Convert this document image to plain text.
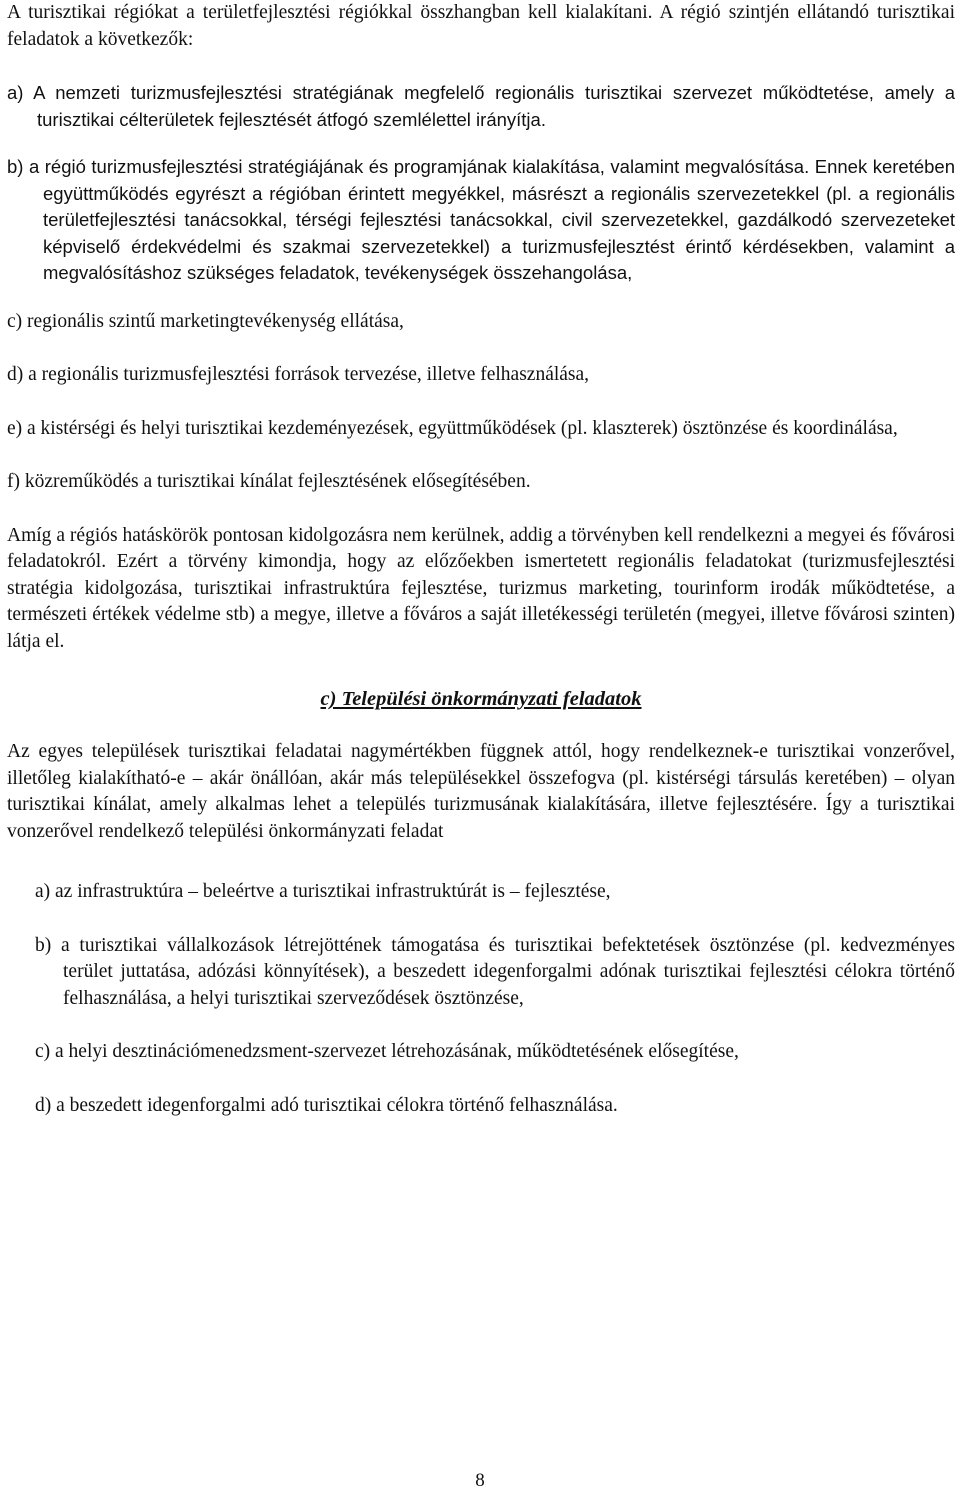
A turisztikai régiókat a területfejlesztési régiókkal összhangban kell kialakítani. A régió szintjén ellátandó turisztikai feladatok a következők:

a) A nemzeti turizmusfejlesztési stratégiának megfelelő regionális turisztikai szervezet működtetése, amely a turisztikai célterületek fejlesztését átfogó szemlélettel irányítja.

b) a régió turizmusfejlesztési stratégiájának és programjának kialakítása, valamint megvalósítása. Ennek keretében együttműködés egyrészt a régióban érintett megyékkel, másrészt a regionális szervezetekkel (pl. a regionális területfejlesztési tanácsokkal, térségi fejlesztési tanácsokkal, civil szervezetekkel, gazdálkodó szervezeteket képviselő érdekvédelmi és szakmai szervezetekkel) a turizmusfejlesztést érintő kérdésekben, valamint a megvalósításhoz szükséges feladatok, tevékenységek összehangolása,

c) regionális szintű marketingtevékenység ellátása,

d) a regionális turizmusfejlesztési források tervezése, illetve felhasználása,

e) a kistérségi és helyi turisztikai kezdeményezések, együttműködések (pl. klaszterek) ösztönzése és koordinálása,

f) közreműködés a turisztikai kínálat fejlesztésének elősegítésében.

Amíg a régiós hatáskörök pontosan kidolgozásra nem kerülnek, addig a törvényben kell rendelkezni a megyei és fővárosi feladatokról. Ezért a törvény kimondja, hogy az előzőekben ismertetett regionális feladatokat (turizmusfejlesztési stratégia kidolgozása, turisztikai infrastruktúra fejlesztése, turizmus marketing, tourinform irodák működtetése, a természeti értékek védelme stb) a megye, illetve a főváros a saját illetékességi területén (megyei, illetve fővárosi szinten) látja el.

c) Települési önkormányzati feladatok

Az egyes települések turisztikai feladatai nagymértékben függnek attól, hogy rendelkeznek-e turisztikai vonzerővel, illetőleg kialakítható-e – akár önállóan, akár más településekkel összefogva (pl. kistérségi társulás keretében) – olyan turisztikai kínálat, amely alkalmas lehet a település turizmusának kialakítására, illetve fejlesztésére. Így a turisztikai vonzerővel rendelkező települési önkormányzati feladat

a) az infrastruktúra – beleértve a turisztikai infrastruktúrát is – fejlesztése,

b) a turisztikai vállalkozások létrejöttének támogatása és turisztikai befektetések ösztönzése (pl. kedvezményes terület juttatása, adózási könnyítések), a beszedett idegenforgalmi adónak turisztikai fejlesztési célokra történő felhasználása, a helyi turisztikai szerveződések ösztönzése,

c) a helyi desztinációmenedzsment-szervezet létrehozásának, működtetésének elősegítése,

d) a beszedett idegenforgalmi adó turisztikai célokra történő felhasználása.

8
